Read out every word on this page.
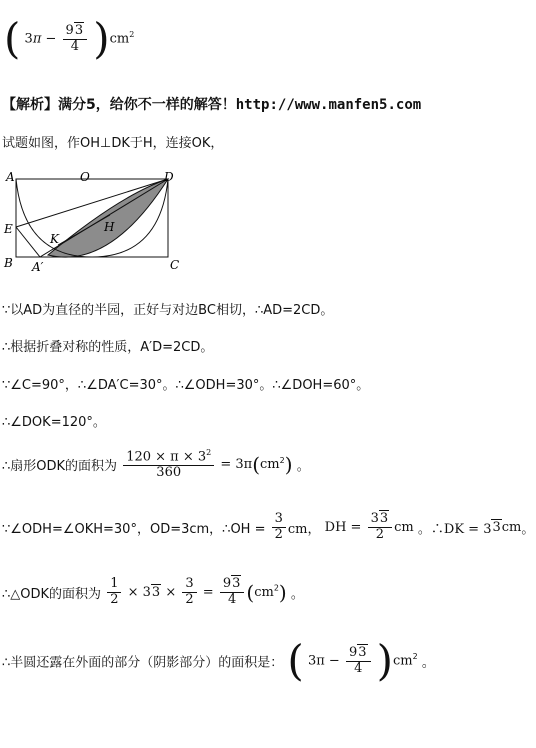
( $3\pi - \frac{93}{4} )cm^2$
【解析】满分5，给你不一样的解答！http://www.manfen5.com
试题如图，作OH⊥DK于H，连接OK，
A	O	D
E	H
K
B A′	C
∵以AD为直径的半园，正好与对边BC相切，∴AD=2CD。
∴根据折叠对称的性质，A′D=2CD。
∵∠C=90°，∴∠DA′C=30°。∴∠ODH=30°。∴∠DOH=60°。
∴∠DOK=120°。
∴扇形ODK的面积为 $\frac{120 \times \pi \times 3^2}{360} = 3\pi(cm^2)$ 。
∵∠ODH=∠OKH=30°，OD=3cm，∴OH = $\frac{3}{2}$ cm， DH = $\frac{33}{2}$ cm 。∴DK = 33cm。
∴△ODK的面积为 $\frac{1}{2} \times 33 \times \frac{3}{2} = \frac{93}{4} (cm^2)$ 。
∴半圆还露在外面的部分（阴影部分）的面积是： ( $3\pi - \frac{93}{4} )cm^2$ 。
